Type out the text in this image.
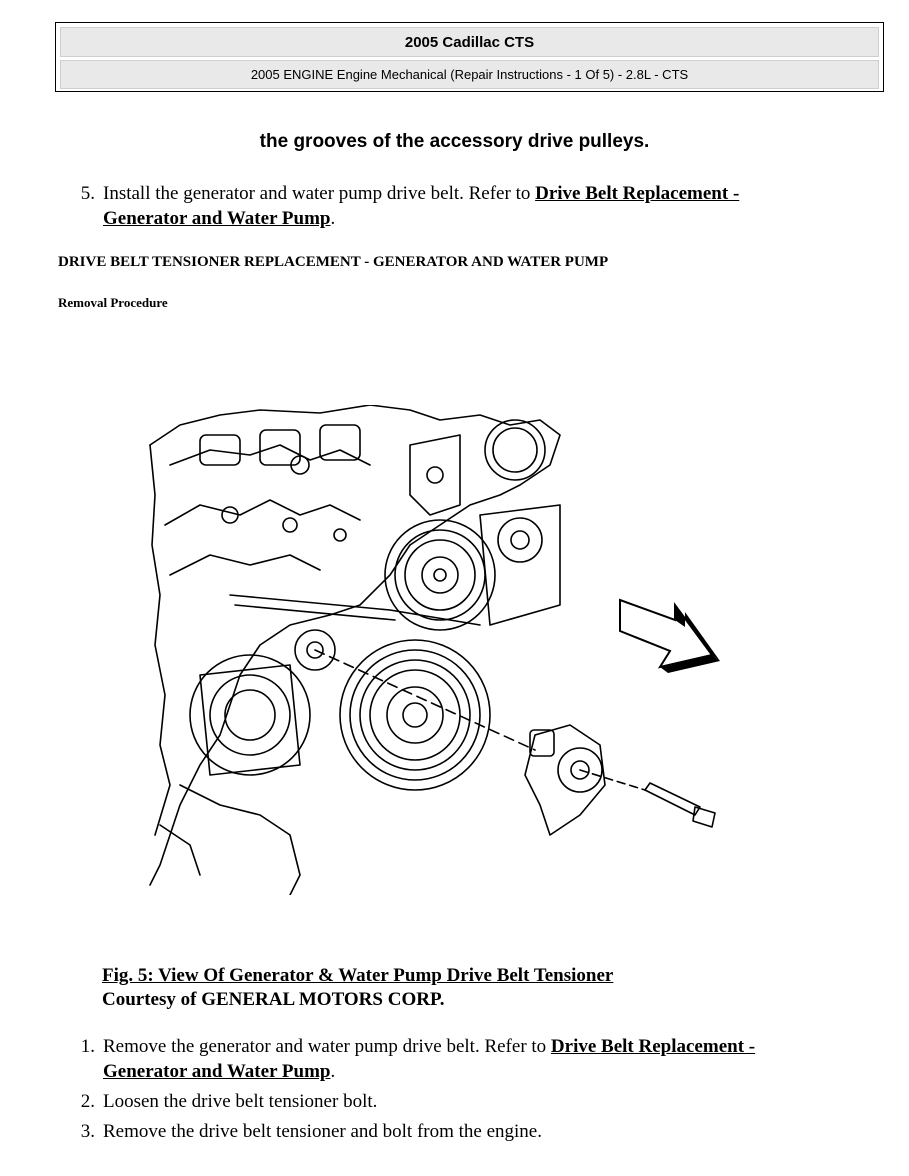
2005 Cadillac CTS
2005 ENGINE Engine Mechanical (Repair Instructions - 1 Of 5) - 2.8L - CTS
the grooves of the accessory drive pulleys.
5. Install the generator and water pump drive belt. Refer to Drive Belt Replacement -
Generator and Water Pump.
DRIVE BELT TENSIONER REPLACEMENT - GENERATOR AND WATER PUMP
Removal Procedure
Fig. 5: View Of Generator & Water Pump Drive Belt Tensioner
Courtesy of GENERAL MOTORS CORP.
1. Remove the generator and water pump drive belt. Refer to Drive Belt Replacement -
Generator and Water Pump.
2. Loosen the drive belt tensioner bolt.
3. Remove the drive belt tensioner and bolt from the engine.
